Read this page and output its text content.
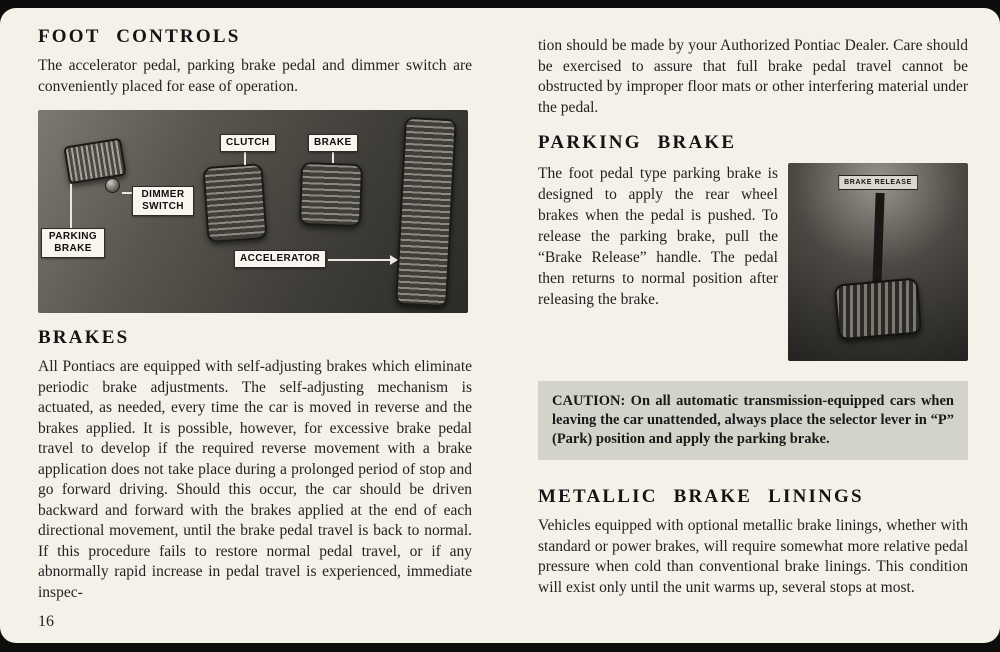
FOOT CONTROLS

The accelerator pedal, parking brake pedal and dimmer switch are conveniently placed for ease of operation.

CLUTCH	BRAKE
DIMMER SWITCH
PARKING BRAKE
ACCELERATOR
BRAKES

All Pontiacs are equipped with self-adjusting brakes which eliminate periodic brake adjustments. The self-adjusting mechanism is actuated, as needed, every time the car is moved in reverse and the brakes applied. It is possible, however, for excessive brake pedal travel to develop if the required reverse movement with a brake application does not take place during a prolonged period of stop and go forward driving. Should this occur, the car should be driven backward and forward with the brakes applied at the end of each directional movement, until the brake pedal travel is back to normal. If this procedure fails to restore normal pedal travel, or if any abnormally rapid increase in pedal travel is experienced, immediate inspec-

tion should be made by your Authorized Pontiac Dealer. Care should be exercised to assure that full brake pedal travel cannot be obstructed by improper floor mats or other interfering material under the pedal.

PARKING BRAKE

The foot pedal type parking brake is designed to apply the rear wheel brakes when the pedal is pushed. To release the parking brake, pull the “Brake Release” handle. The pedal then returns to normal position after releasing the brake.

BRAKE RELEASE
CAUTION: On all automatic transmission-equipped cars when leaving the car unattended, always place the selector lever in “P” (Park) position and apply the parking brake.
METALLIC BRAKE LININGS

Vehicles equipped with optional metallic brake linings, whether with standard or power brakes, will require somewhat more relative pedal pressure when cold than conventional brake linings. This condition will exist only until the unit warms up, several stops at most.

16
